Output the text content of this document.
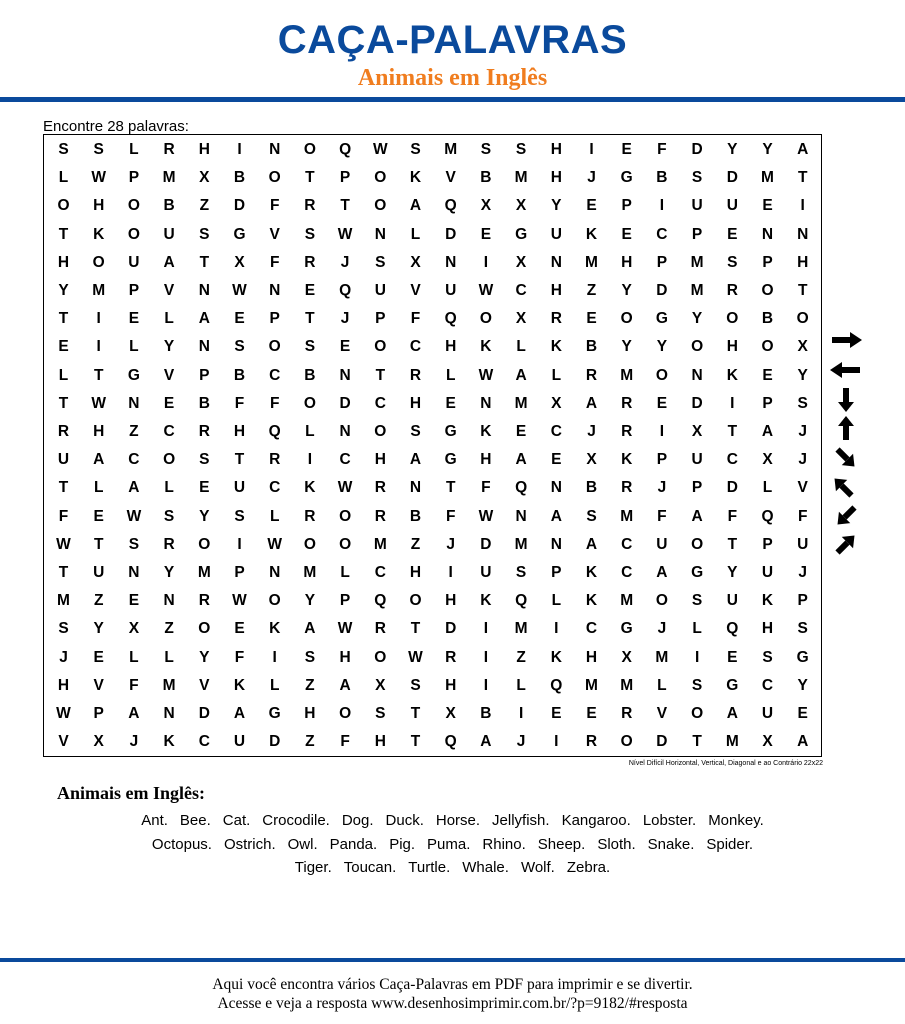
CAÇA-PALAVRAS
Animais em Inglês
Encontre 28 palavras:
S	S	L	R	H	I	N	O	Q	W	S	M	S	S	H	I	E	F	D	Y	Y	A
L	W	P	M	X	B	O	T	P	O	K	V	B	M	H	J	G	B	S	D	M	T
O	H	O	B	Z	D	F	R	T	O	A	Q	X	X	Y	E	P	I	U	U	E	I
T	K	O	U	S	G	V	S	W	N	L	D	E	G	U	K	E	C	P	E	N	N
H	O	U	A	T	X	F	R	J	S	X	N	I	X	N	M	H	P	M	S	P	H
Y	M	P	V	N	W	N	E	Q	U	V	U	W	C	H	Z	Y	D	M	R	O	T
T	I	E	L	A	E	P	T	J	P	F	Q	O	X	R	E	O	G	Y	O	B	O
E	I	L	Y	N	S	O	S	E	O	C	H	K	L	K	B	Y	Y	O	H	O	X
L	T	G	V	P	B	C	B	N	T	R	L	W	A	L	R	M	O	N	K	E	Y
T	W	N	E	B	F	F	O	D	C	H	E	N	M	X	A	R	E	D	I	P	S
R	H	Z	C	R	H	Q	L	N	O	S	G	K	E	C	J	R	I	X	T	A	J
U	A	C	O	S	T	R	I	C	H	A	G	H	A	E	X	K	P	U	C	X	J
T	L	A	L	E	U	C	K	W	R	N	T	F	Q	N	B	R	J	P	D	L	V
F	E	W	S	Y	S	L	R	O	R	B	F	W	N	A	S	M	F	A	F	Q	F
W	T	S	R	O	I	W	O	O	M	Z	J	D	M	N	A	C	U	O	T	P	U
T	U	N	Y	M	P	N	M	L	C	H	I	U	S	P	K	C	A	G	Y	U	J
M	Z	E	N	R	W	O	Y	P	Q	O	H	K	Q	L	K	M	O	S	U	K	P
S	Y	X	Z	O	E	K	A	W	R	T	D	I	M	I	C	G	J	L	Q	H	S
J	E	L	L	Y	F	I	S	H	O	W	R	I	Z	K	H	X	M	I	E	S	G
H	V	F	M	V	K	L	Z	A	X	S	H	I	L	Q	M	M	L	S	G	C	Y
W	P	A	N	D	A	G	H	O	S	T	X	B	I	E	E	R	V	O	A	U	E
V	X	J	K	C	U	D	Z	F	H	T	Q	A	J	I	R	O	D	T	M	X	A
Nível Difícil Horizontal, Vertical, Diagonal e ao Contrário 22x22
Animais em Inglês:
Ant. Bee. Cat. Crocodile. Dog. Duck. Horse. Jellyfish. Kangaroo. Lobster. Monkey.
Octopus. Ostrich. Owl. Panda. Pig. Puma. Rhino. Sheep. Sloth. Snake. Spider.
Tiger. Toucan. Turtle. Whale. Wolf. Zebra.
Aqui você encontra vários Caça-Palavras em PDF para imprimir e se divertir.
Acesse e veja a resposta www.desenhosimprimir.com.br/?p=9182/#resposta
